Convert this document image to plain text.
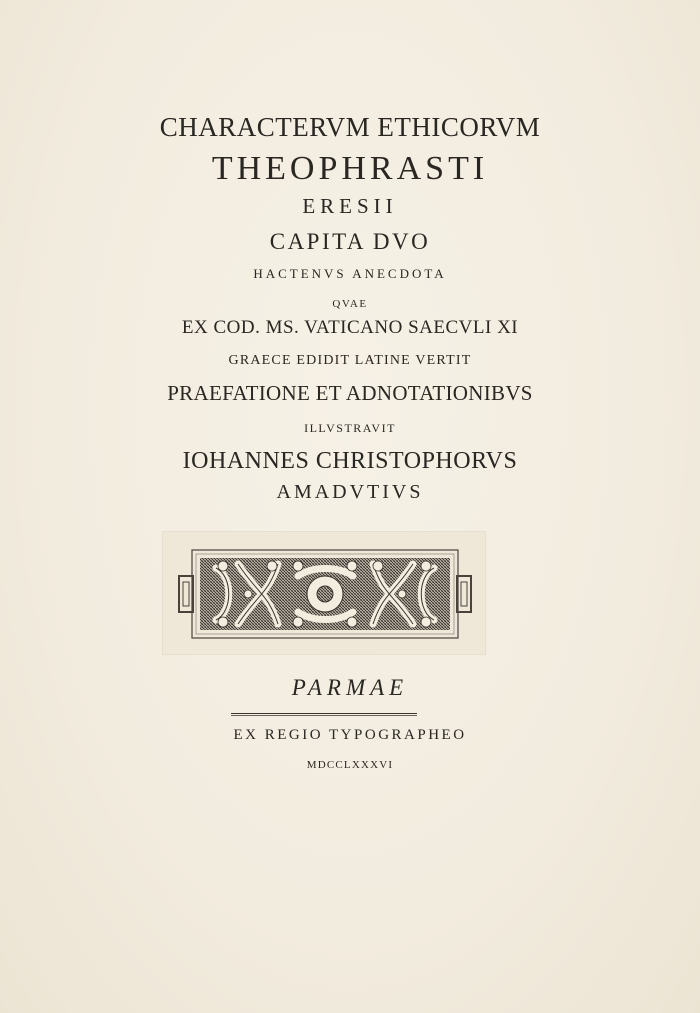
CHARACTERVM ETHICORVM
THEOPHRASTI
ERESII
CAPITA DVO
HACTENVS ANECDOTA
QVAE
EX COD. MS. VATICANO SAECVLI XI
GRAECE EDIDIT LATINE VERTIT
PRAEFATIONE ET ADNOTATIONIBVS
ILLVSTRAVIT
IOHANNES CHRISTOPHORVS
AMADVTIVS
PARMAE
EX REGIO TYPOGRAPHEO
MDCCLXXXVI
